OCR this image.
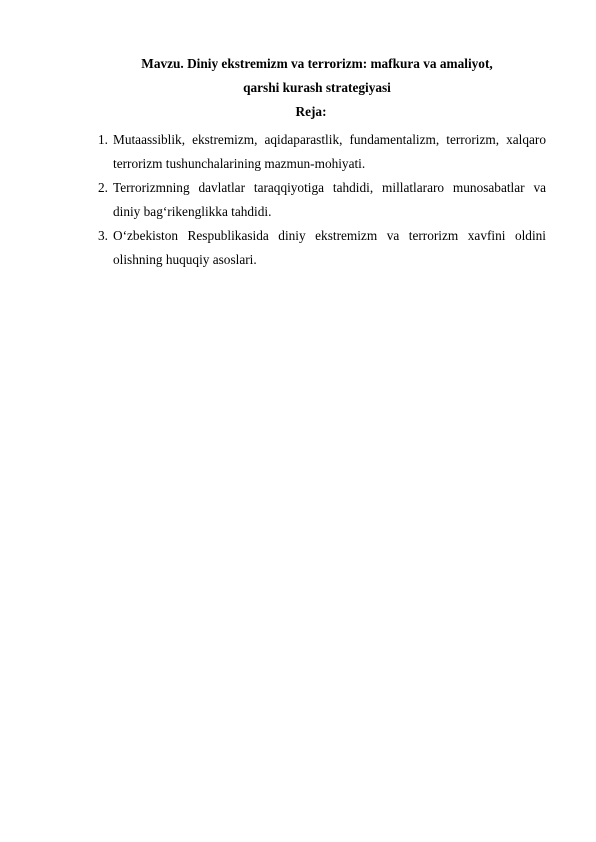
Mavzu. Diniy ekstremizm va terrorizm: mafkura va amaliyot,

qarshi kurash strategiyasi

Reja:

1. Mutaassiblik, ekstremizm, aqidaparastlik, fundamentalizm, terrorizm, xalqaro
terrorizm tushunchalarining mazmun-mohiyati.
2. Terrorizmning davlatlar taraqqiyotiga tahdidi, millatlararo munosabatlar va
diniy bag‘rikenglikka tahdidi.
3. O‘zbekiston Respublikasida diniy ekstremizm va terrorizm xavfini oldini
olishning huquqiy asoslari.
